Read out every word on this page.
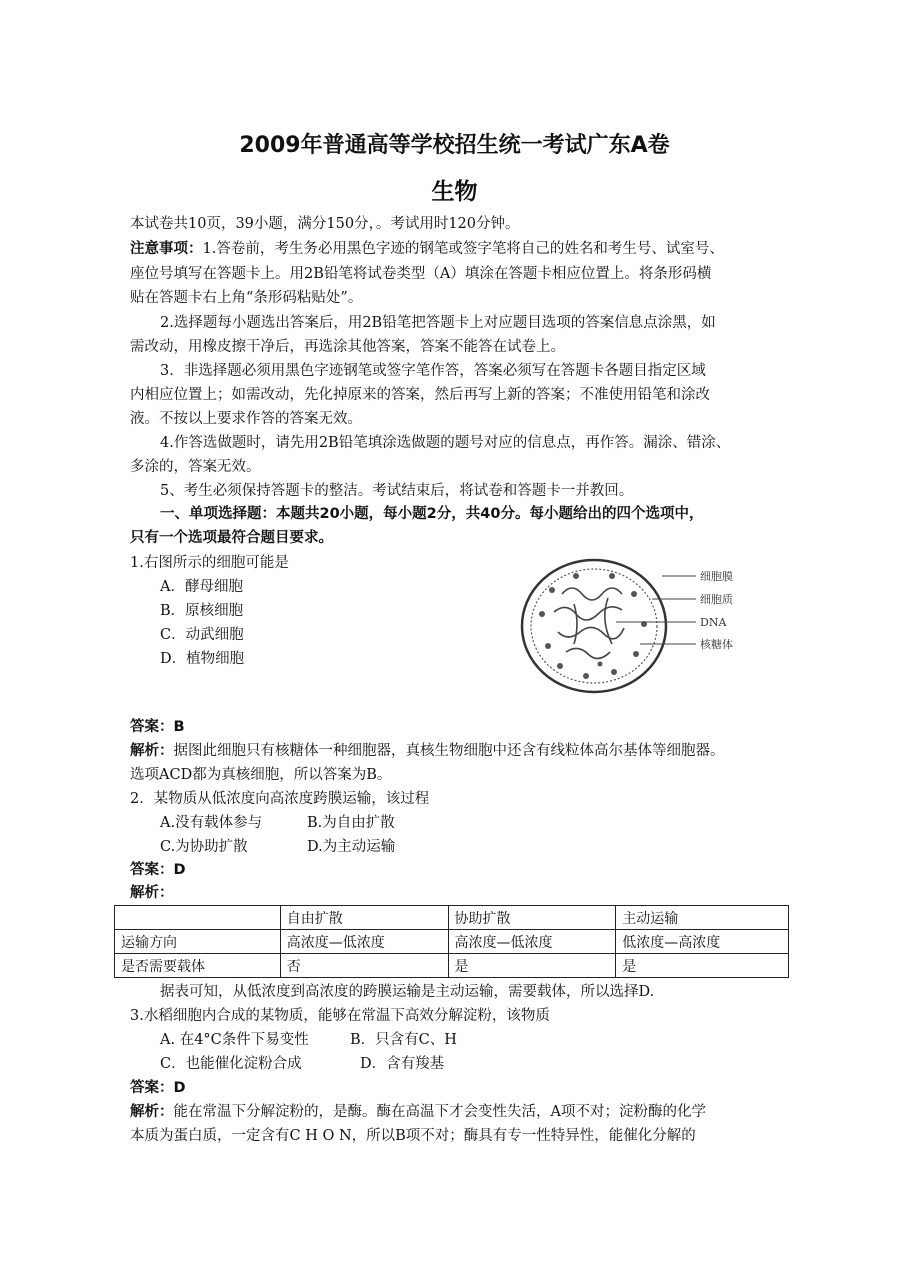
2009年普通高等学校招生统一考试广东A卷
生物
本试卷共10页，39小题，满分150分，。考试用时120分钟。
注意事项：1.答卷前，考生务必用黑色字迹的钢笔或签字笔将自己的姓名和考生号、试室号、
座位号填写在答题卡上。用2B铅笔将试卷类型（A）填涂在答题卡相应位置上。将条形码横
贴在答题卡右上角“条形码粘贴处”。
2.选择题每小题选出答案后，用2B铅笔把答题卡上对应题目选项的答案信息点涂黑，如
需改动，用橡皮擦干净后，再选涂其他答案，答案不能答在试卷上。
3．非选择题必须用黑色字迹钢笔或签字笔作答，答案必须写在答题卡各题目指定区域
内相应位置上；如需改动，先化掉原来的答案，然后再写上新的答案；不准使用铅笔和涂改
液。不按以上要求作答的答案无效。
4.作答选做题时，请先用2B铅笔填涂选做题的题号对应的信息点，再作答。漏涂、错涂、
多涂的，答案无效。
5、考生必须保持答题卡的整洁。考试结束后，将试卷和答题卡一并教回。
一、单项选择题：本题共20小题，每小题2分，共40分。每小题给出的四个选项中，
只有一个选项最符合题目要求。
1.右图所示的细胞可能是
A．酵母细胞
B．原核细胞
C．动武细胞
D．植物细胞
细胞膜
细胞质
DNA
核糖体
答案：B
解析：据图此细胞只有核糖体一种细胞器，真核生物细胞中还含有线粒体高尔基体等细胞器。
选项ACD都为真核细胞，所以答案为B。
2．某物质从低浓度向高浓度跨膜运输，该过程
A.没有载体参与	B.为自由扩散
C.为协助扩散	D.为主动运输
答案：D
解析：
	自由扩散	协助扩散	主动运输
运输方向	高浓度—低浓度	高浓度—低浓度	低浓度—高浓度
是否需要载体	否	是	是
据表可知，从低浓度到高浓度的跨膜运输是主动运输，需要载体，所以选择D.
3.水稻细胞内合成的某物质，能够在常温下高效分解淀粉，该物质
A. 在4°C条件下易变性	B．只含有C、H
C．也能催化淀粉合成	D．含有羧基
答案：D
解析：能在常温下分解淀粉的，是酶。酶在高温下才会变性失活，A项不对；淀粉酶的化学
本质为蛋白质，一定含有C H O N，所以B项不对；酶具有专一性特异性，能催化分解的
